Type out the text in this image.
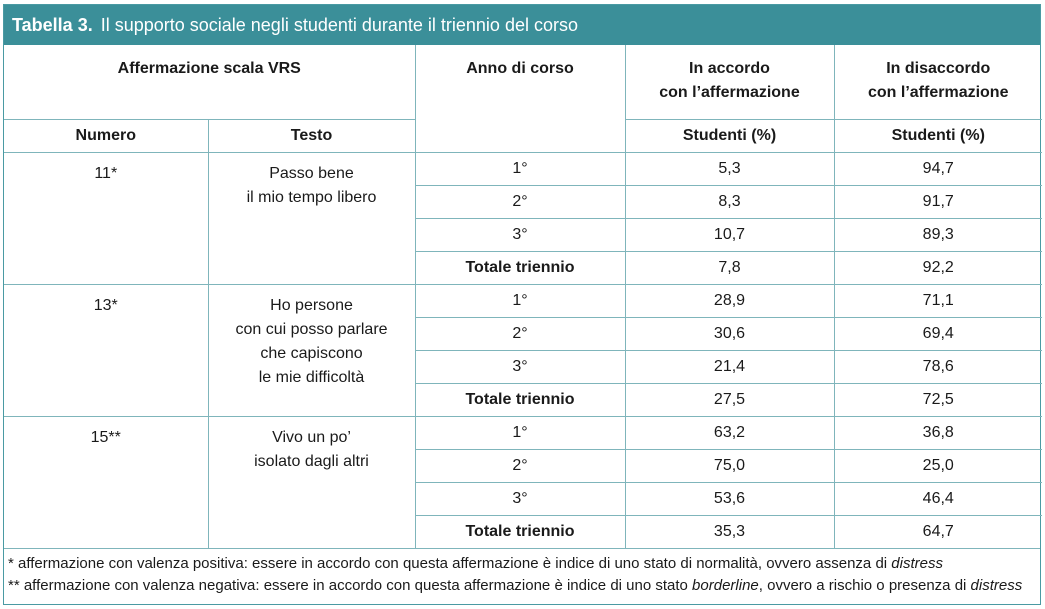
Tabella 3. Il supporto sociale negli studenti durante il triennio del corso
Affermazione scala VRS		Anno di corso	In accordo
con l’affermazione	In disaccordo
con l’affermazione
Numero	Testo		Studenti (%)	Studenti (%)
11*	Passo bene
il mio tempo libero	1°	5,3	94,7
		2°	8,3	91,7
		3°	10,7	89,3
		Totale triennio	7,8	92,2
13*	Ho persone
con cui posso parlare
che capiscono
le mie difficoltà	1°	28,9	71,1
		2°	30,6	69,4
		3°	21,4	78,6
		Totale triennio	27,5	72,5
15**	Vivo un po’
isolato dagli altri	1°	63,2	36,8
		2°	75,0	25,0
		3°	53,6	46,4
		Totale triennio	35,3	64,7
* affermazione con valenza positiva: essere in accordo con questa affermazione è indice di uno stato di normalità, ovvero assenza di distress
** affermazione con valenza negativa: essere in accordo con questa affermazione è indice di uno stato borderline, ovvero a rischio o presenza di distress
